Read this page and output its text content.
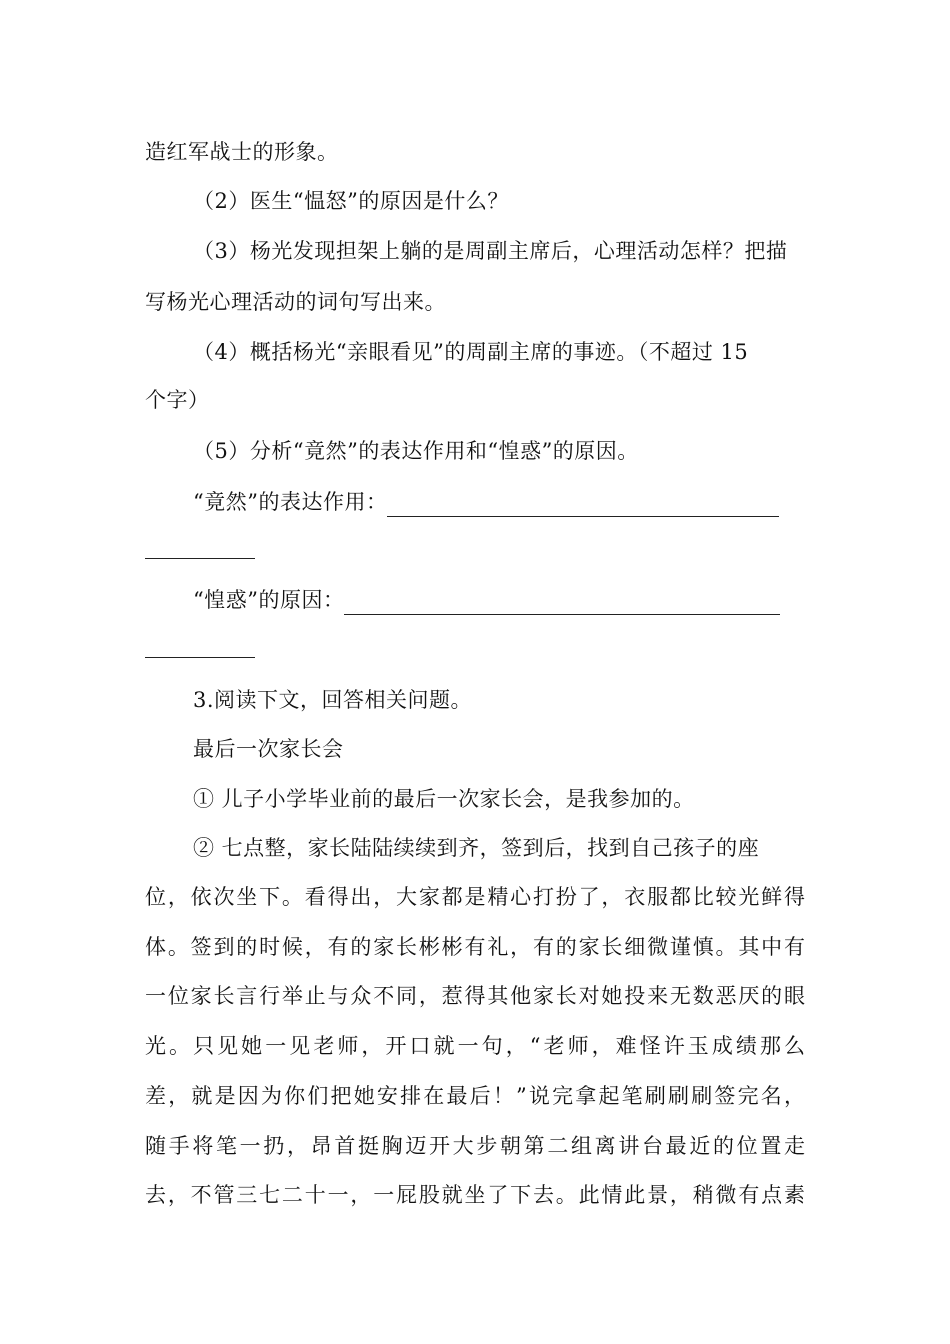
造红军战士的形象。
（2）医生“愠怒”的原因是什么？
（3）杨光发现担架上躺的是周副主席后，心理活动怎样？把描
写杨光心理活动的词句写出来。
（4）概括杨光“亲眼看见”的周副主席的事迹。（不超过 15
个字）
（5）分析“竟然”的表达作用和“惶惑”的原因。
“竟然”的表达作用：
“惶惑”的原因：
3.阅读下文，回答相关问题。
最后一次家长会
① 儿子小学毕业前的最后一次家长会，是我参加的。
② 七点整，家长陆陆续续到齐，签到后，找到自己孩子的座
位，依次坐下。看得出，大家都是精心打扮了，衣服都比较光鲜得
体。签到的时候，有的家长彬彬有礼，有的家长细微谨慎。其中有
一位家长言行举止与众不同，惹得其他家长对她投来无数恶厌的眼
光。只见她一见老师，开口就一句，“老师，难怪许玉成绩那么
差，就是因为你们把她安排在最后！”说完拿起笔刷刷刷签完名，
随手将笔一扔，昂首挺胸迈开大步朝第二组离讲台最近的位置走
去，不管三七二十一，一屁股就坐了下去。此情此景，稍微有点素
